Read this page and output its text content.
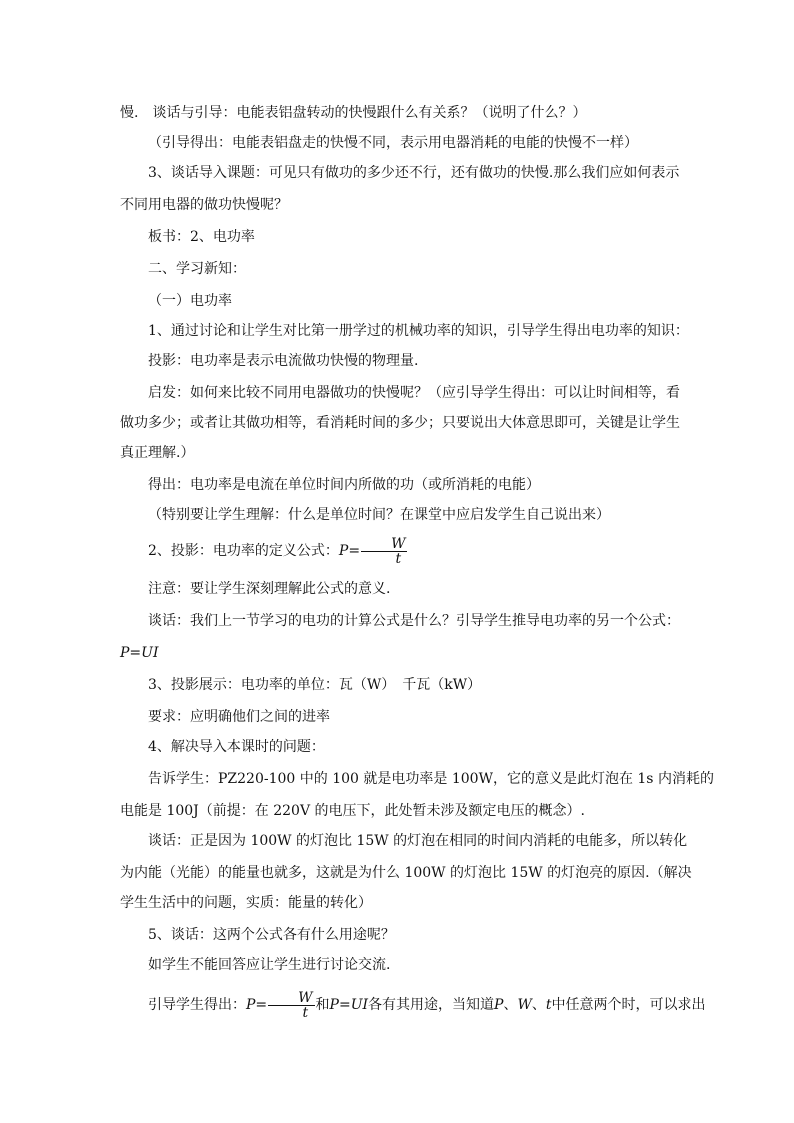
慢.　谈话与引导：电能表铝盘转动的快慢跟什么有关系？（说明了什么？）

（引导得出：电能表铝盘走的快慢不同，表示用电器消耗的电能的快慢不一样）

3、谈话导入课题：可见只有做功的多少还不行，还有做功的快慢.那么我们应如何表示

不同用电器的做功快慢呢？

板书：2、电功率

二、学习新知：

（一）电功率

1、通过讨论和让学生对比第一册学过的机械功率的知识，引导学生得出电功率的知识：

投影：电功率是表示电流做功快慢的物理量.

启发：如何来比较不同用电器做功的快慢呢？（应引导学生得出：可以让时间相等，看

做功多少；或者让其做功相等，看消耗时间的多少；只要说出大体意思即可，关键是让学生

真正理解.）

得出：电功率是电流在单位时间内所做的功（或所消耗的电能）

（特别要让学生理解：什么是单位时间？在课堂中应启发学生自己说出来）

2、投影：电功率的定义公式：$P= \frac{W}{t}$

注意：要让学生深刻理解此公式的意义.

谈话：我们上一节学习的电功的计算公式是什么？引导学生推导电功率的另一个公式：

P=UI

3、投影展示：电功率的单位：瓦（W）　千瓦（kW）

要求：应明确他们之间的进率

4、解决导入本课时的问题：

告诉学生：PZ220-100 中的 100 就是电功率是 100W，它的意义是此灯泡在 1s 内消耗的

电能是 100J（前提：在 220V 的电压下，此处暂未涉及额定电压的概念）.

谈话：正是因为 100W 的灯泡比 15W 的灯泡在相同的时间内消耗的电能多，所以转化

为内能（光能）的能量也就多，这就是为什么 100W 的灯泡比 15W 的灯泡亮的原因.（解决

学生生活中的问题，实质：能量的转化）

5、谈话：这两个公式各有什么用途呢？

如学生不能回答应让学生进行讨论交流.

引导学生得出：$P= \frac{W}{t}$ 和P=UI各有其用途，当知道P、W、t中任意两个时，可以求出
